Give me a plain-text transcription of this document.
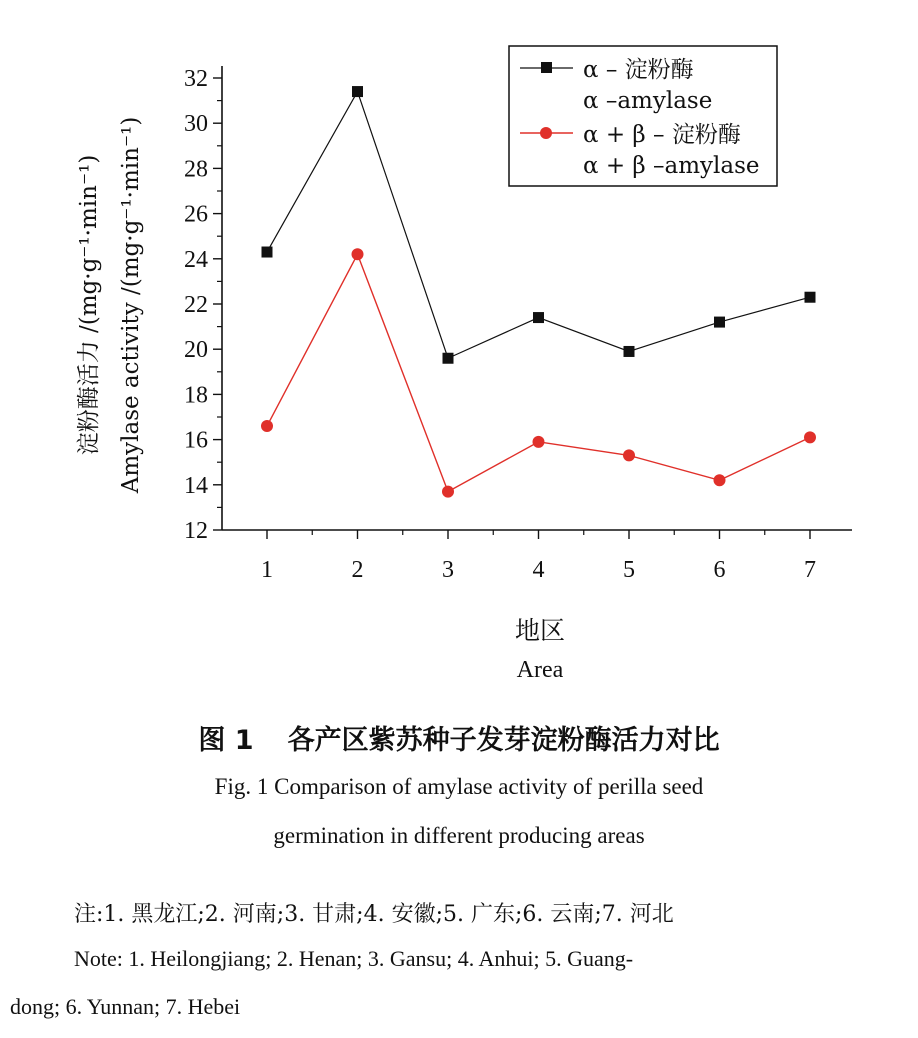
12
14
16
18
20
22
24
26
28
30
32
1	2	3	4	5	6	7
淀粉酶活力 /(mg·g⁻¹·min⁻¹) Amylase activity /(mg·g⁻¹·min⁻¹)
地区
Area
α – 淀粉酶
α –amylase
α + β – 淀粉酶
α + β –amylase
图 1 各产区紫苏种子发芽淀粉酶活力对比
Fig. 1 Comparison of amylase activity of perilla seed
germination in different producing areas
注:1. 黑龙江;2. 河南;3. 甘肃;4. 安徽;5. 广东;6. 云南;7. 河北
Note: 1. Heilongjiang; 2. Henan; 3. Gansu; 4. Anhui; 5. Guang-
dong; 6. Yunnan; 7. Hebei
